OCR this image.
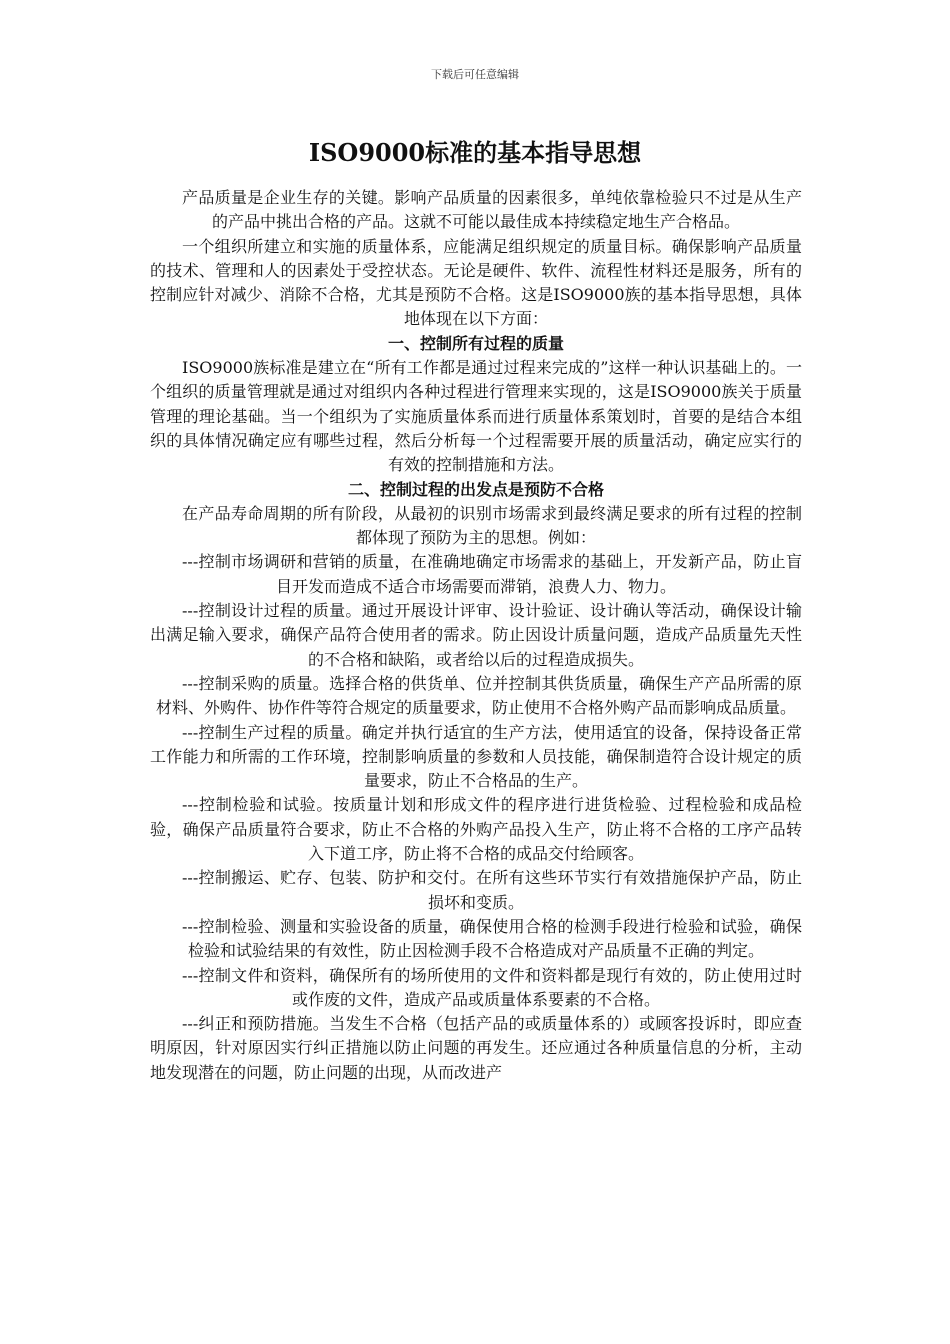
下载后可任意编辑
ISO9000标准的基本指导思想

产品质量是企业生存的关键。影响产品质量的因素很多，单纯依靠检验只不过是从生产的产品中挑出合格的产品。这就不可能以最佳成本持续稳定地生产合格品。

一个组织所建立和实施的质量体系，应能满足组织规定的质量目标。确保影响产品质量的技术、管理和人的因素处于受控状态。无论是硬件、软件、流程性材料还是服务，所有的控制应针对减少、消除不合格，尤其是预防不合格。这是ISO9000族的基本指导思想，具体地体现在以下方面：

一、控制所有过程的质量

ISO9000族标准是建立在“所有工作都是通过过程来完成的”这样一种认识基础上的。一个组织的质量管理就是通过对组织内各种过程进行管理来实现的，这是ISO9000族关于质量管理的理论基础。当一个组织为了实施质量体系而进行质量体系策划时，首要的是结合本组织的具体情况确定应有哪些过程，然后分析每一个过程需要开展的质量活动，确定应实行的有效的控制措施和方法。

二、控制过程的出发点是预防不合格

在产品寿命周期的所有阶段，从最初的识别市场需求到最终满足要求的所有过程的控制都体现了预防为主的思想。例如：

---控制市场调研和营销的质量，在准确地确定市场需求的基础上，开发新产品，防止盲目开发而造成不适合市场需要而滞销，浪费人力、物力。

---控制设计过程的质量。通过开展设计评审、设计验证、设计确认等活动，确保设计输出满足输入要求，确保产品符合使用者的需求。防止因设计质量问题，造成产品质量先天性的不合格和缺陷，或者给以后的过程造成损失。

---控制采购的质量。选择合格的供货单、位并控制其供货质量，确保生产产品所需的原材料、外购件、协作件等符合规定的质量要求，防止使用不合格外购产品而影响成品质量。

---控制生产过程的质量。确定并执行适宜的生产方法，使用适宜的设备，保持设备正常工作能力和所需的工作环境，控制影响质量的参数和人员技能，确保制造符合设计规定的质量要求，防止不合格品的生产。

---控制检验和试验。按质量计划和形成文件的程序进行进货检验、过程检验和成品检验，确保产品质量符合要求，防止不合格的外购产品投入生产，防止将不合格的工序产品转入下道工序，防止将不合格的成品交付给顾客。

---控制搬运、贮存、包装、防护和交付。在所有这些环节实行有效措施保护产品，防止损坏和变质。

---控制检验、测量和实验设备的质量，确保使用合格的检测手段进行检验和试验，确保检验和试验结果的有效性，防止因检测手段不合格造成对产品质量不正确的判定。

---控制文件和资料，确保所有的场所使用的文件和资料都是现行有效的，防止使用过时或作废的文件，造成产品或质量体系要素的不合格。

---纠正和预防措施。当发生不合格（包括产品的或质量体系的）或顾客投诉时，即应查明原因，针对原因实行纠正措施以防止问题的再发生。还应通过各种质量信息的分析，主动地发现潜在的问题，防止问题的出现，从而改进产
